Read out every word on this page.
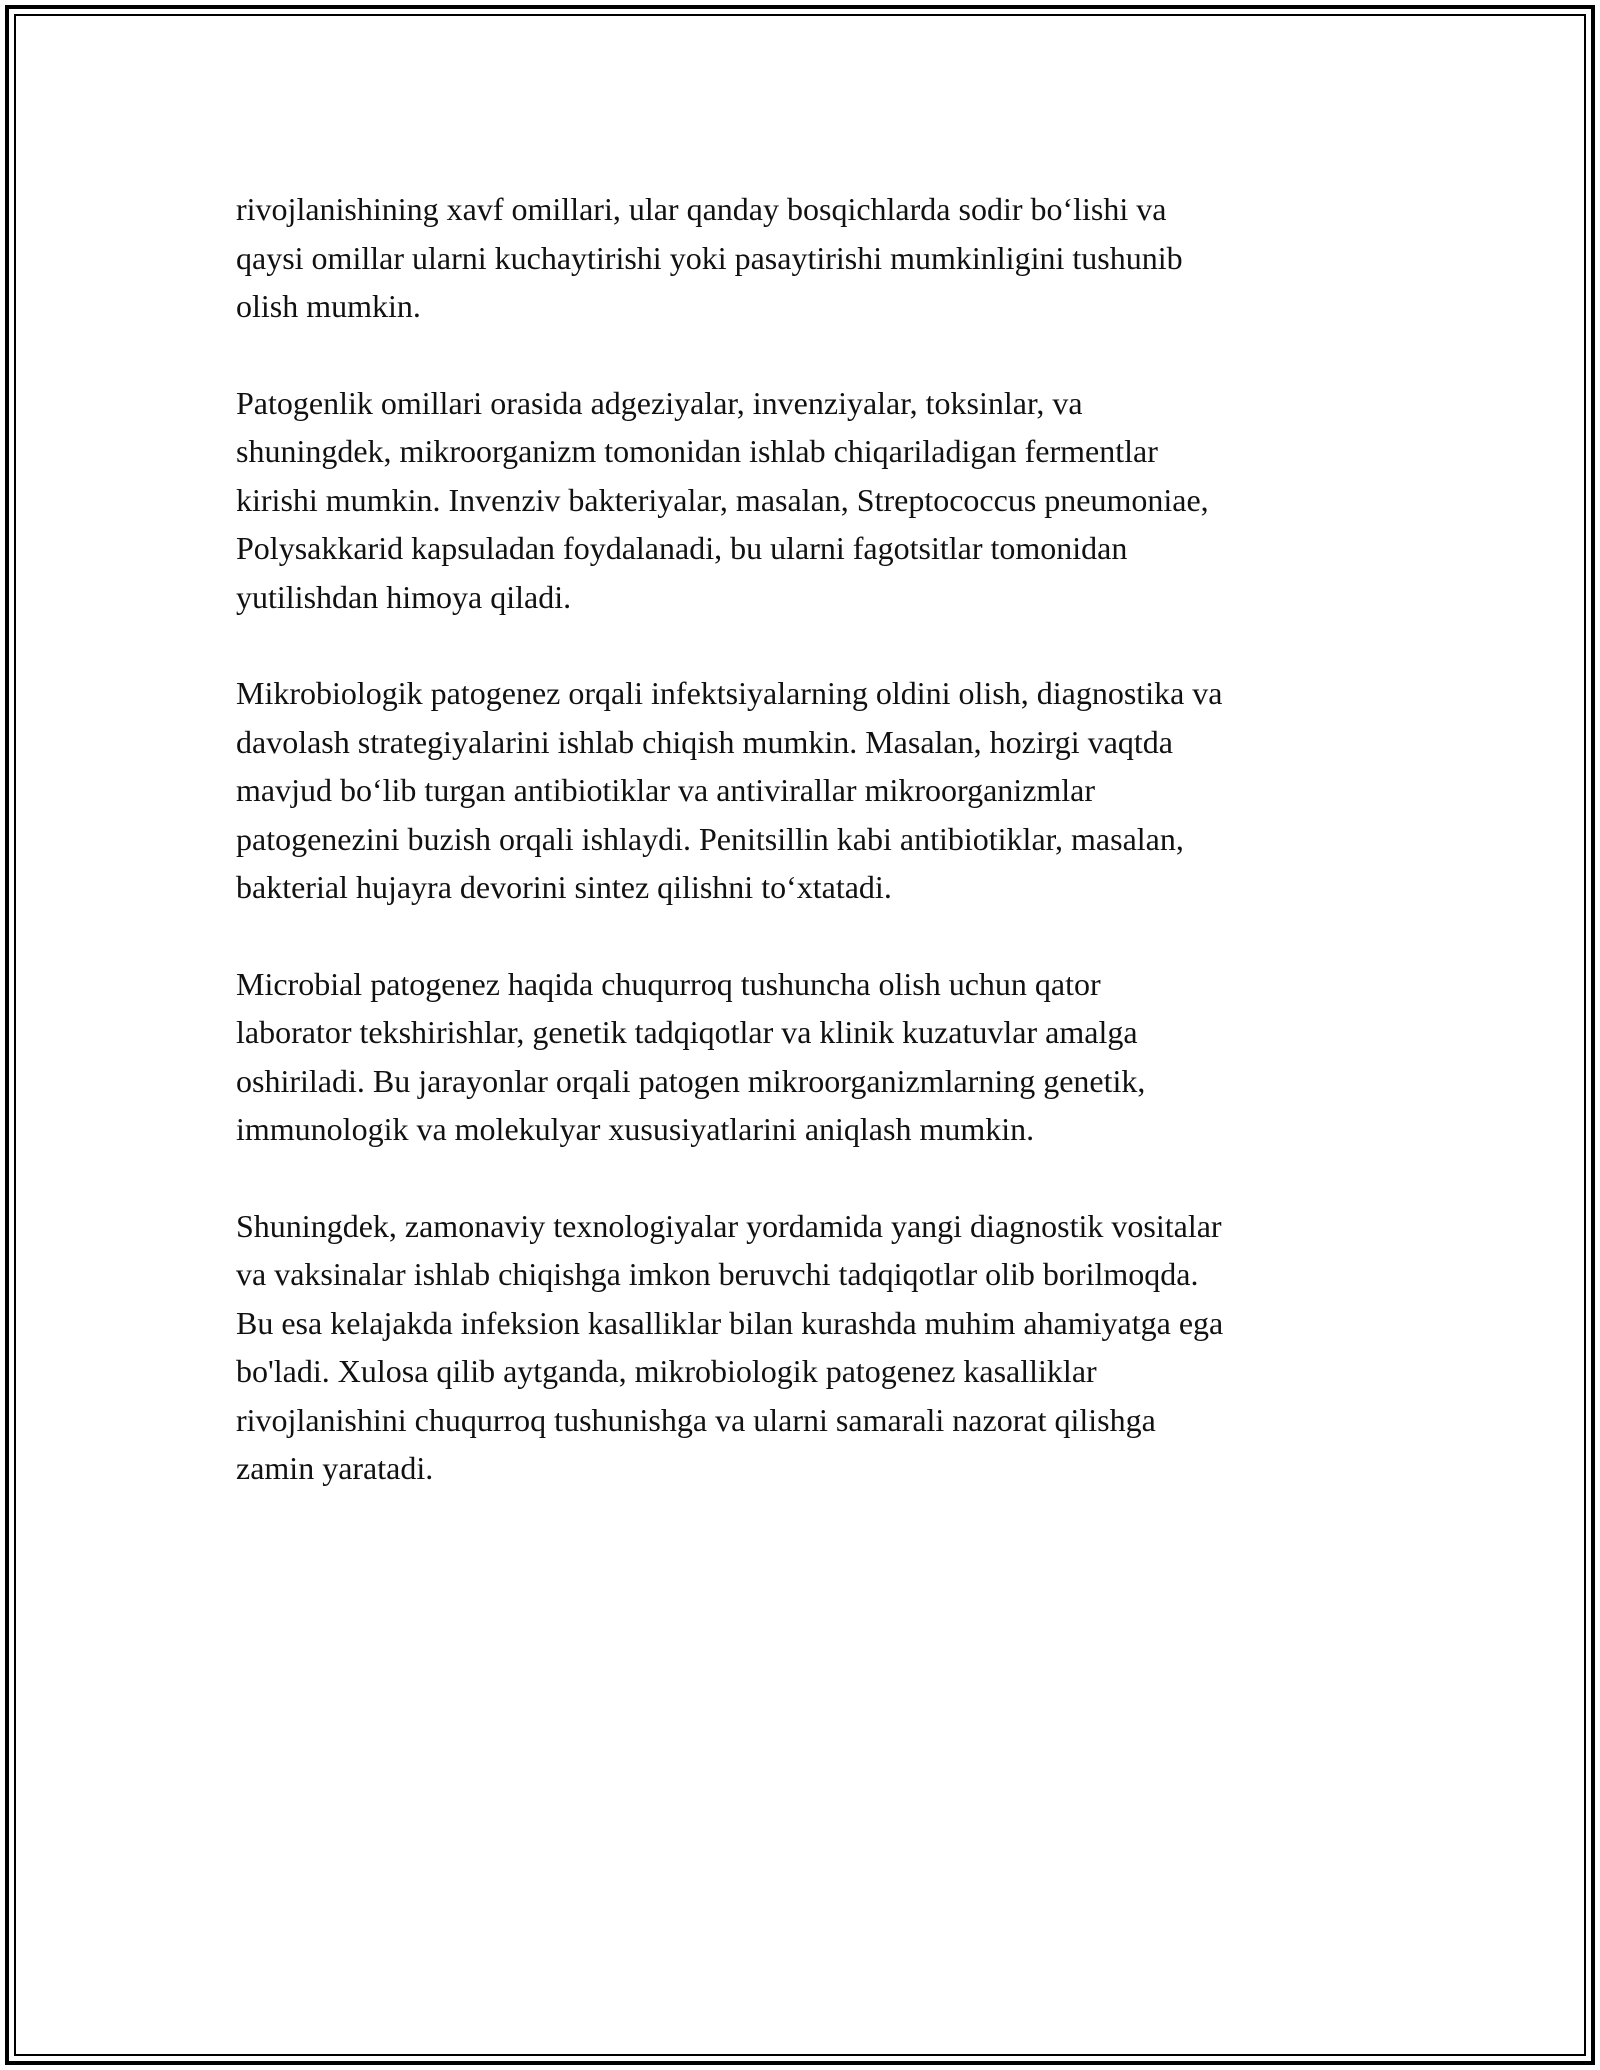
rivojlanishining xavf omillari, ular qanday bosqichlarda sodir bo‘lishi va
qaysi omillar ularni kuchaytirishi yoki pasaytirishi mumkinligini tushunib
olish mumkin.

Patogenlik omillari orasida adgeziyalar, invenziyalar, toksinlar, va
shuningdek, mikroorganizm tomonidan ishlab chiqariladigan fermentlar
kirishi mumkin. Invenziv bakteriyalar, masalan, Streptococcus pneumoniae,
Polysakkarid kapsuladan foydalanadi, bu ularni fagotsitlar tomonidan
yutilishdan himoya qiladi.

Mikrobiologik patogenez orqali infektsiyalarning oldini olish, diagnostika va
davolash strategiyalarini ishlab chiqish mumkin. Masalan, hozirgi vaqtda
mavjud bo‘lib turgan antibiotiklar va antivirallar mikroorganizmlar
patogenezini buzish orqali ishlaydi. Penitsillin kabi antibiotiklar, masalan,
bakterial hujayra devorini sintez qilishni to‘xtatadi.

Microbial patogenez haqida chuqurroq tushuncha olish uchun qator
laborator tekshirishlar, genetik tadqiqotlar va klinik kuzatuvlar amalga
oshiriladi. Bu jarayonlar orqali patogen mikroorganizmlarning genetik,
immunologik va molekulyar xususiyatlarini aniqlash mumkin.

Shuningdek, zamonaviy texnologiyalar yordamida yangi diagnostik vositalar
va vaksinalar ishlab chiqishga imkon beruvchi tadqiqotlar olib borilmoqda.
Bu esa kelajakda infeksion kasalliklar bilan kurashda muhim ahamiyatga ega
bo'ladi. Xulosa qilib aytganda, mikrobiologik patogenez kasalliklar
rivojlanishini chuqurroq tushunishga va ularni samarali nazorat qilishga
zamin yaratadi.
